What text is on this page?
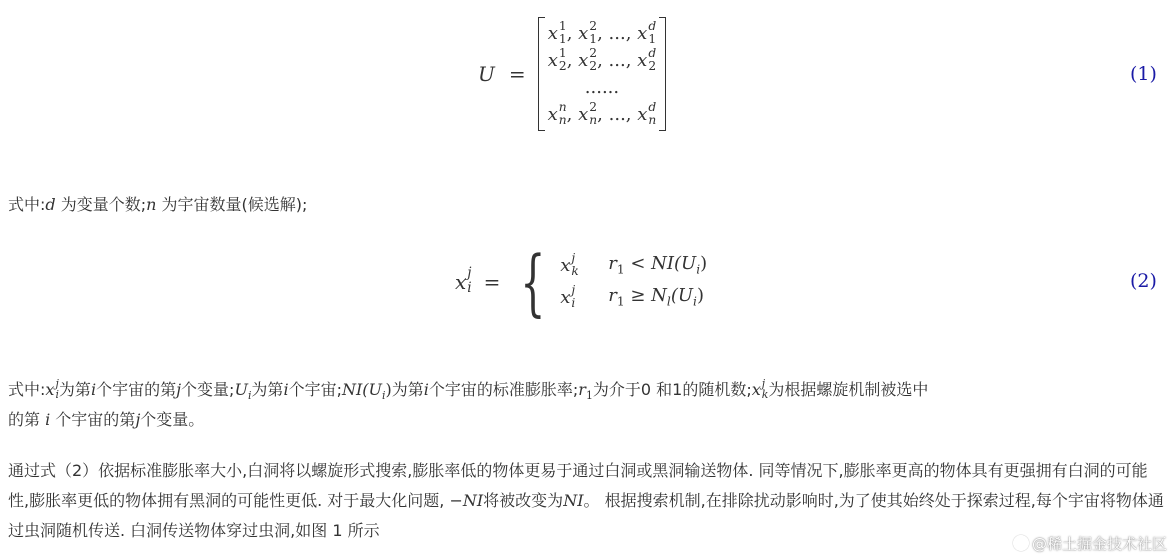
U =
x 1
1 , x 2
1 , ..., x d
1
x 1
2 , x 2
2 , ..., x d
2
......
x n
n , x 2
n , ..., x d
n
(1)
式中:d 为变量个数;n 为宇宙数量(候选解);
x j
i = { x j
k $r_1 < NI(U_i)$
x j
i $r_1 \ge N_l(U_i)$
(2)
式中:x j
i 为第i个宇宙的第j个变量$;U_i$为第i个宇宙$;NI(U_i)$为第i个宇宙的标准膨胀率$;r_1$为介于0 和1的随机数;x j
k 为根据螺旋机制被选中
的第 i 个宇宙的第j个变量。
通过式（2）依据标准膨胀率大小,白洞将以螺旋形式搜索,膨胀率低的物体更易于通过白洞或黑洞输送物体. 同等情况下,膨胀率更高的物体具有更强拥有白洞的可能性,膨胀率更低的物体拥有黑洞的可能性更低. 对于最大化问题, −NI将被改变为NI。 根据搜索机制,在排除扰动影响时,为了使其始终处于探索过程,每个宇宙将物体通过虫洞随机传送. 白洞传送物体穿过虫洞,如图 1 所示
@稀土掘金技术社区
